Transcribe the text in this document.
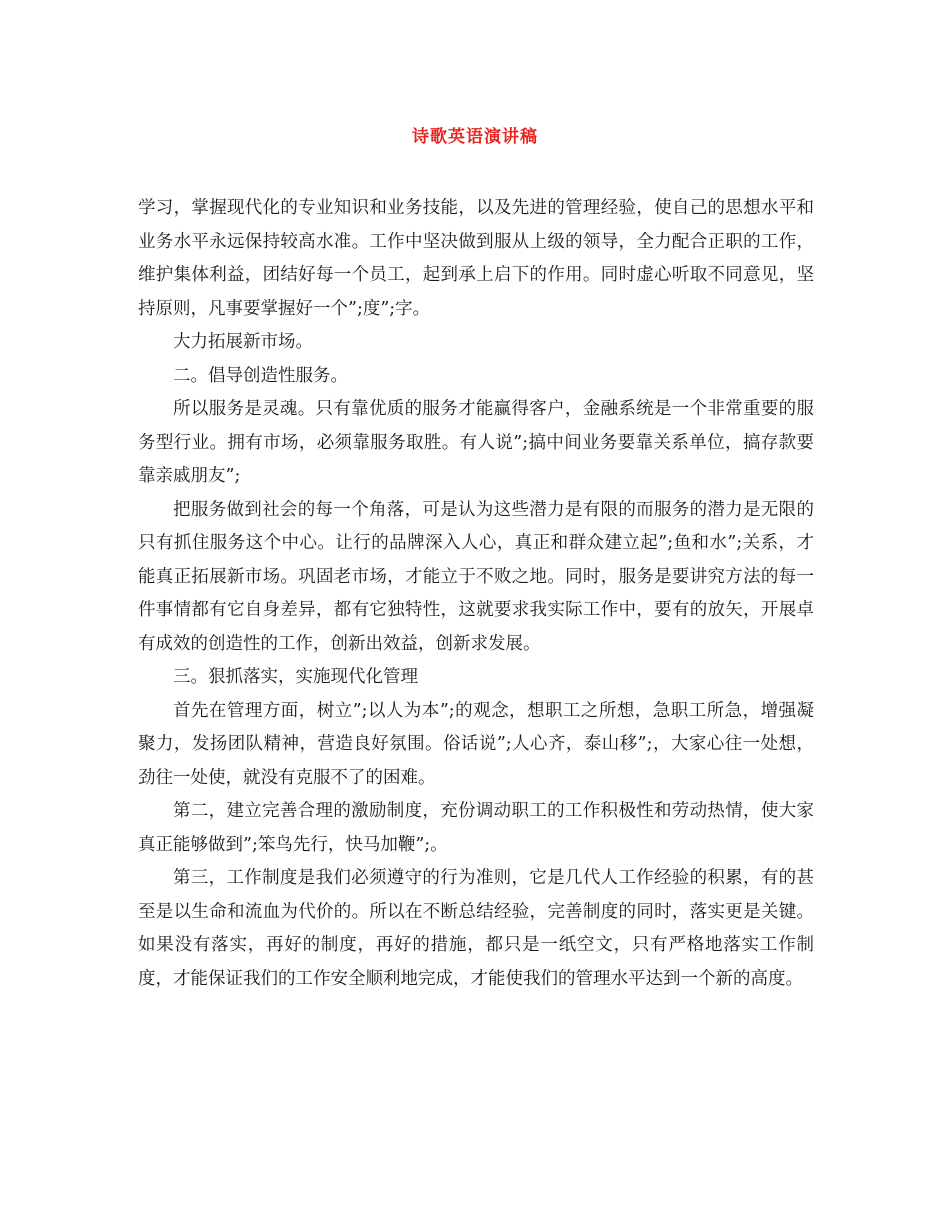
诗歌英语演讲稿

学习，掌握现代化的专业知识和业务技能，以及先进的管理经验，使自己的思想水平和业务水平永远保持较高水准。工作中坚决做到服从上级的领导，全力配合正职的工作，维护集体利益，团结好每一个员工，起到承上启下的作用。同时虚心听取不同意见，坚持原则，凡事要掌握好一个”;度”;字。

大力拓展新市场。

二。倡导创造性服务。

所以服务是灵魂。只有靠优质的服务才能赢得客户，金融系统是一个非常重要的服务型行业。拥有市场，必须靠服务取胜。有人说”;搞中间业务要靠关系单位，搞存款要靠亲戚朋友”;

把服务做到社会的每一个角落，可是认为这些潜力是有限的而服务的潜力是无限的只有抓住服务这个中心。让行的品牌深入人心，真正和群众建立起”;鱼和水”;关系，才能真正拓展新市场。巩固老市场，才能立于不败之地。同时，服务是要讲究方法的每一件事情都有它自身差异，都有它独特性，这就要求我实际工作中，要有的放矢，开展卓有成效的创造性的工作，创新出效益，创新求发展。

三。狠抓落实，实施现代化管理

首先在管理方面，树立”;以人为本”;的观念，想职工之所想，急职工所急，增强凝聚力，发扬团队精神，营造良好氛围。俗话说”;人心齐，泰山移”;，大家心往一处想，劲往一处使，就没有克服不了的困难。

第二，建立完善合理的激励制度，充份调动职工的工作积极性和劳动热情，使大家真正能够做到”;笨鸟先行，快马加鞭”;。

第三，工作制度是我们必须遵守的行为准则，它是几代人工作经验的积累，有的甚至是以生命和流血为代价的。所以在不断总结经验，完善制度的同时，落实更是关键。如果没有落实，再好的制度，再好的措施，都只是一纸空文，只有严格地落实工作制度，才能保证我们的工作安全顺利地完成，才能使我们的管理水平达到一个新的高度。
